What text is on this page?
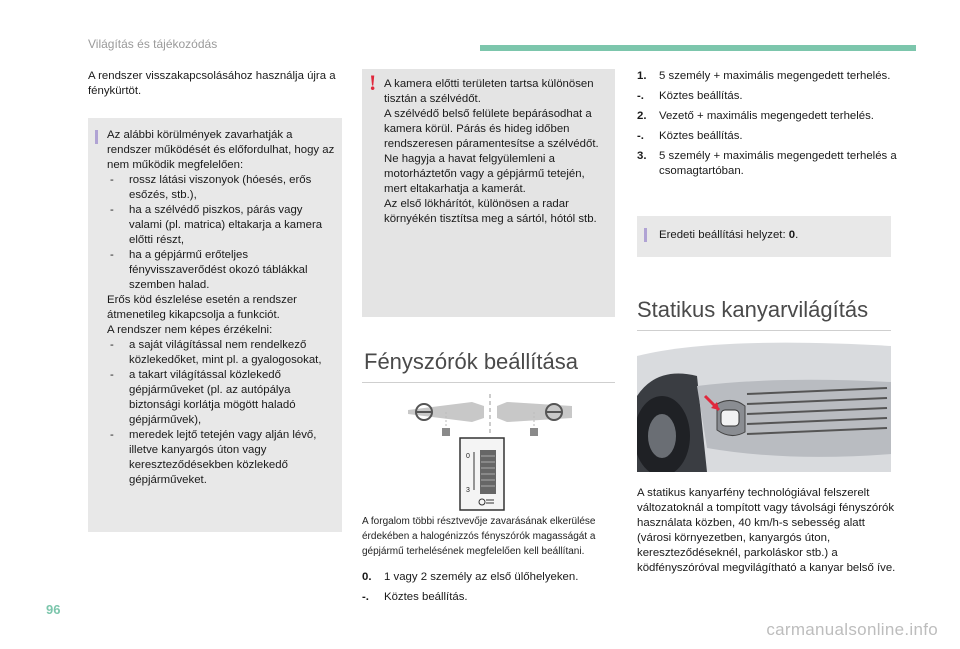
Világítás és tájékozódás
A rendszer visszakapcsolásához használja újra a fénykürtöt.
Az alábbi körülmények zavarhatják a rendszer működését és előfordulhat, hogy az nem működik megfelelően:
- rossz látási viszonyok (hóesés, erős esőzés, stb.),
- ha a szélvédő piszkos, párás vagy valami (pl. matrica) eltakarja a kamera előtti részt,
- ha a gépjármű erőteljes fényvisszaverődést okozó táblákkal szemben halad.
Erős köd észlelése esetén a rendszer átmenetileg kikapcsolja a funkciót.
A rendszer nem képes érzékelni:
- a saját világítással nem rendelkező közlekedőket, mint pl. a gyalogosokat,
- a takart világítással közlekedő gépjárműveket (pl. az autópálya biztonsági korlátja mögött haladó gépjárművek),
- meredek lejtő tetején vagy alján lévő, illetve kanyargós úton vagy kereszteződésekben közlekedő gépjárműveket.
! A kamera előtti területen tartsa különösen tisztán a szélvédőt.
A szélvédő belső felülete bepárásodhat a kamera körül. Párás és hideg időben rendszeresen páramentesítse a szélvédőt.
Ne hagyja a havat felgyülemleni a motorháztetőn vagy a gépjármű tetején, mert eltakarhatja a kamerát.
Az első lökhárítót, különösen a radar környékén tisztítsa meg a sártól, hótól stb.
Fényszórók beállítása
0
3
A forgalom többi résztvevője zavarásának elkerülése érdekében a halogénizzós fényszórók magasságát a gépjármű terhelésének megfelelően kell beállítani.
0. 1 vagy 2 személy az első ülőhelyeken.
-. Köztes beállítás.
1. 5 személy + maximális megengedett terhelés.
-. Köztes beállítás.
2. Vezető + maximális megengedett terhelés.
-. Köztes beállítás.
3. 5 személy + maximális megengedett terhelés a csomagtartóban.
Eredeti beállítási helyzet: 0.
Statikus kanyarvilágítás
A statikus kanyarfény technológiával felszerelt változatoknál a tompított vagy távolsági fényszórók használata közben, 40 km/h-s sebesség alatt (városi környezetben, kanyargós úton, kereszteződéseknél, parkoláskor stb.) a ködfényszóróval megvilágítható a kanyar belső íve.
96
carmanualsonline.info
